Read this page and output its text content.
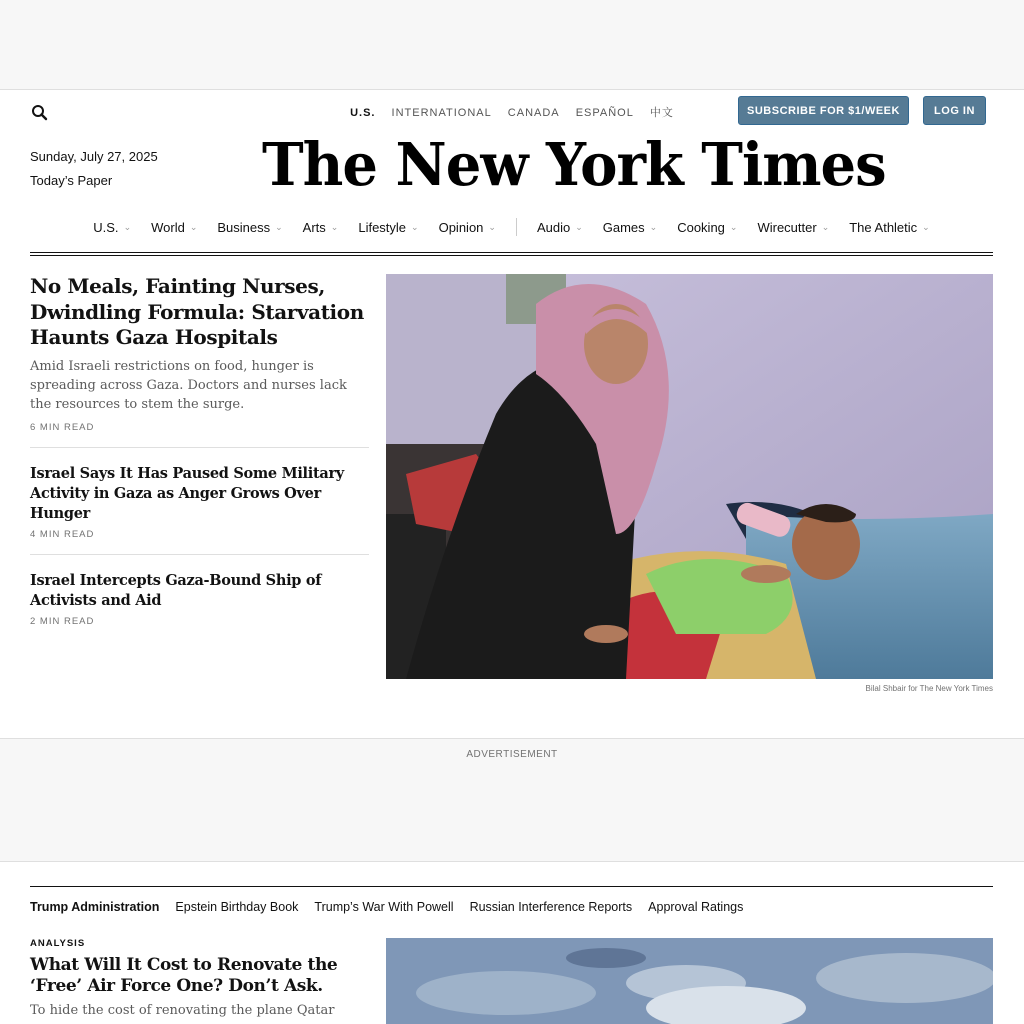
U.S. INTERNATIONAL CANADA ESPAÑOL 中文	SUBSCRIBE FOR $1/WEEK	LOG IN
Sunday, July 27, 2025
Today’s Paper	The New York Times
U.S. ⌄ World ⌄ Business ⌄ Arts ⌄ Lifestyle ⌄ Opinion ⌄	Audio ⌄ Games ⌄ Cooking ⌄ Wirecutter ⌄ The Athletic ⌄
No Meals, Fainting Nurses, Dwindling Formula: Starvation Haunts Gaza Hospitals

Amid Israeli restrictions on food, hunger is spreading across Gaza. Doctors and nurses lack the resources to stem the surge.

6 MIN READ
Israel Says It Has Paused Some Military Activity in Gaza as Anger Grows Over Hunger
4 MIN READ
Israel Intercepts Gaza-Bound Ship of Activists and Aid
2 MIN READ
Bilal Shbair for The New York Times
ADVERTISEMENT
Trump Administration Epstein Birthday Book Trump’s War With Powell Russian Interference Reports Approval Ratings
ANALYSIS
What Will It Cost to Renovate the ‘Free’ Air Force One? Don’t Ask.

To hide the cost of renovating the plane Qatar
